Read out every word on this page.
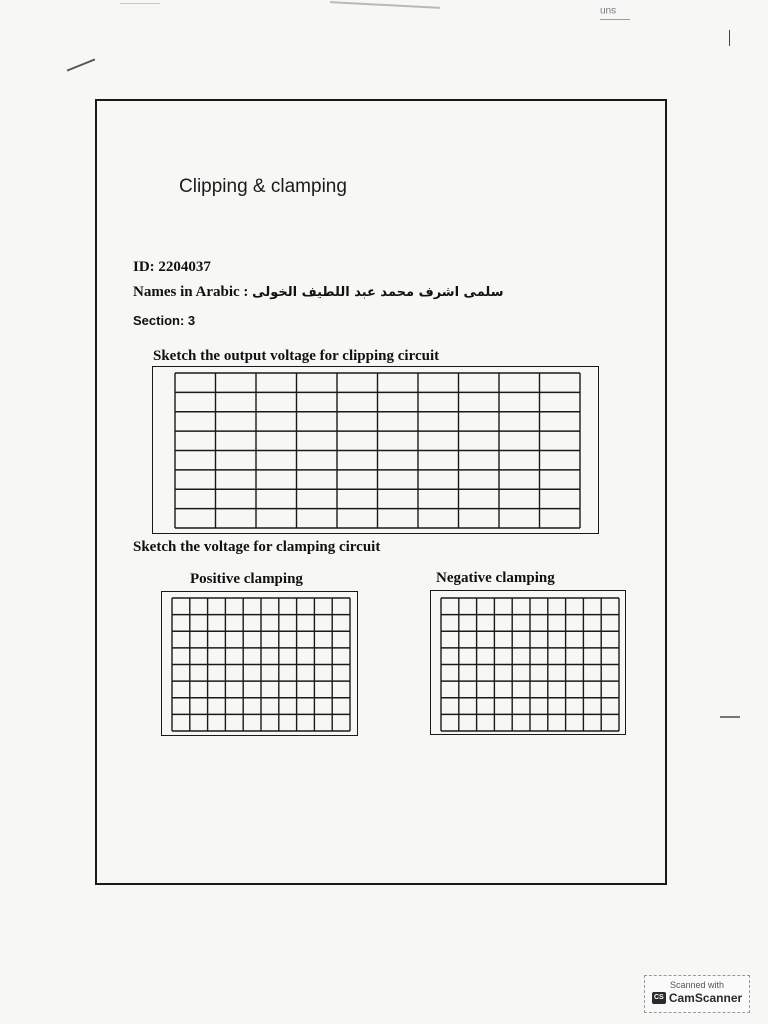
sun
Clipping & clamping
ID: 2204037
Names in Arabic : سلمى اشرف محمد عبد اللطيف الخولى
Section: 3
Sketch the output voltage for clipping circuit
Sketch the voltage for clamping circuit
Positive clamping	Negative clamping
Scanned with
CS CamScanner
